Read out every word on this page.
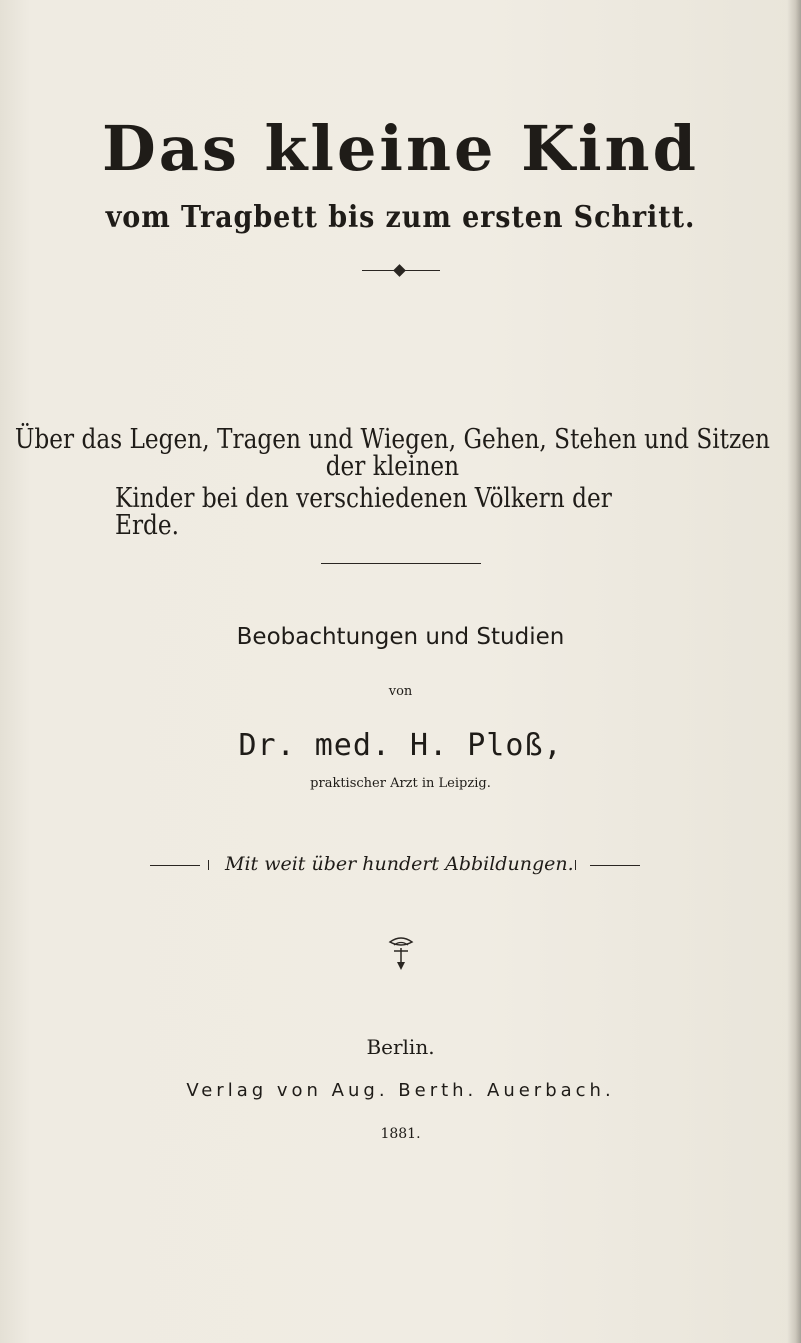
Das kleine Kind
vom Tragbett bis zum ersten Schritt.
Über das Legen, Tragen und Wiegen, Gehen, Stehen und Sitzen der kleinen
Kinder bei den verschiedenen Völkern der Erde.
Beobachtungen und Studien
von
Dr. med. H. Ploß,
praktischer Arzt in Leipzig.
Mit weit über hundert Abbildungen.
Berlin.
Verlag von Aug. Berth. Auerbach.
1881.
